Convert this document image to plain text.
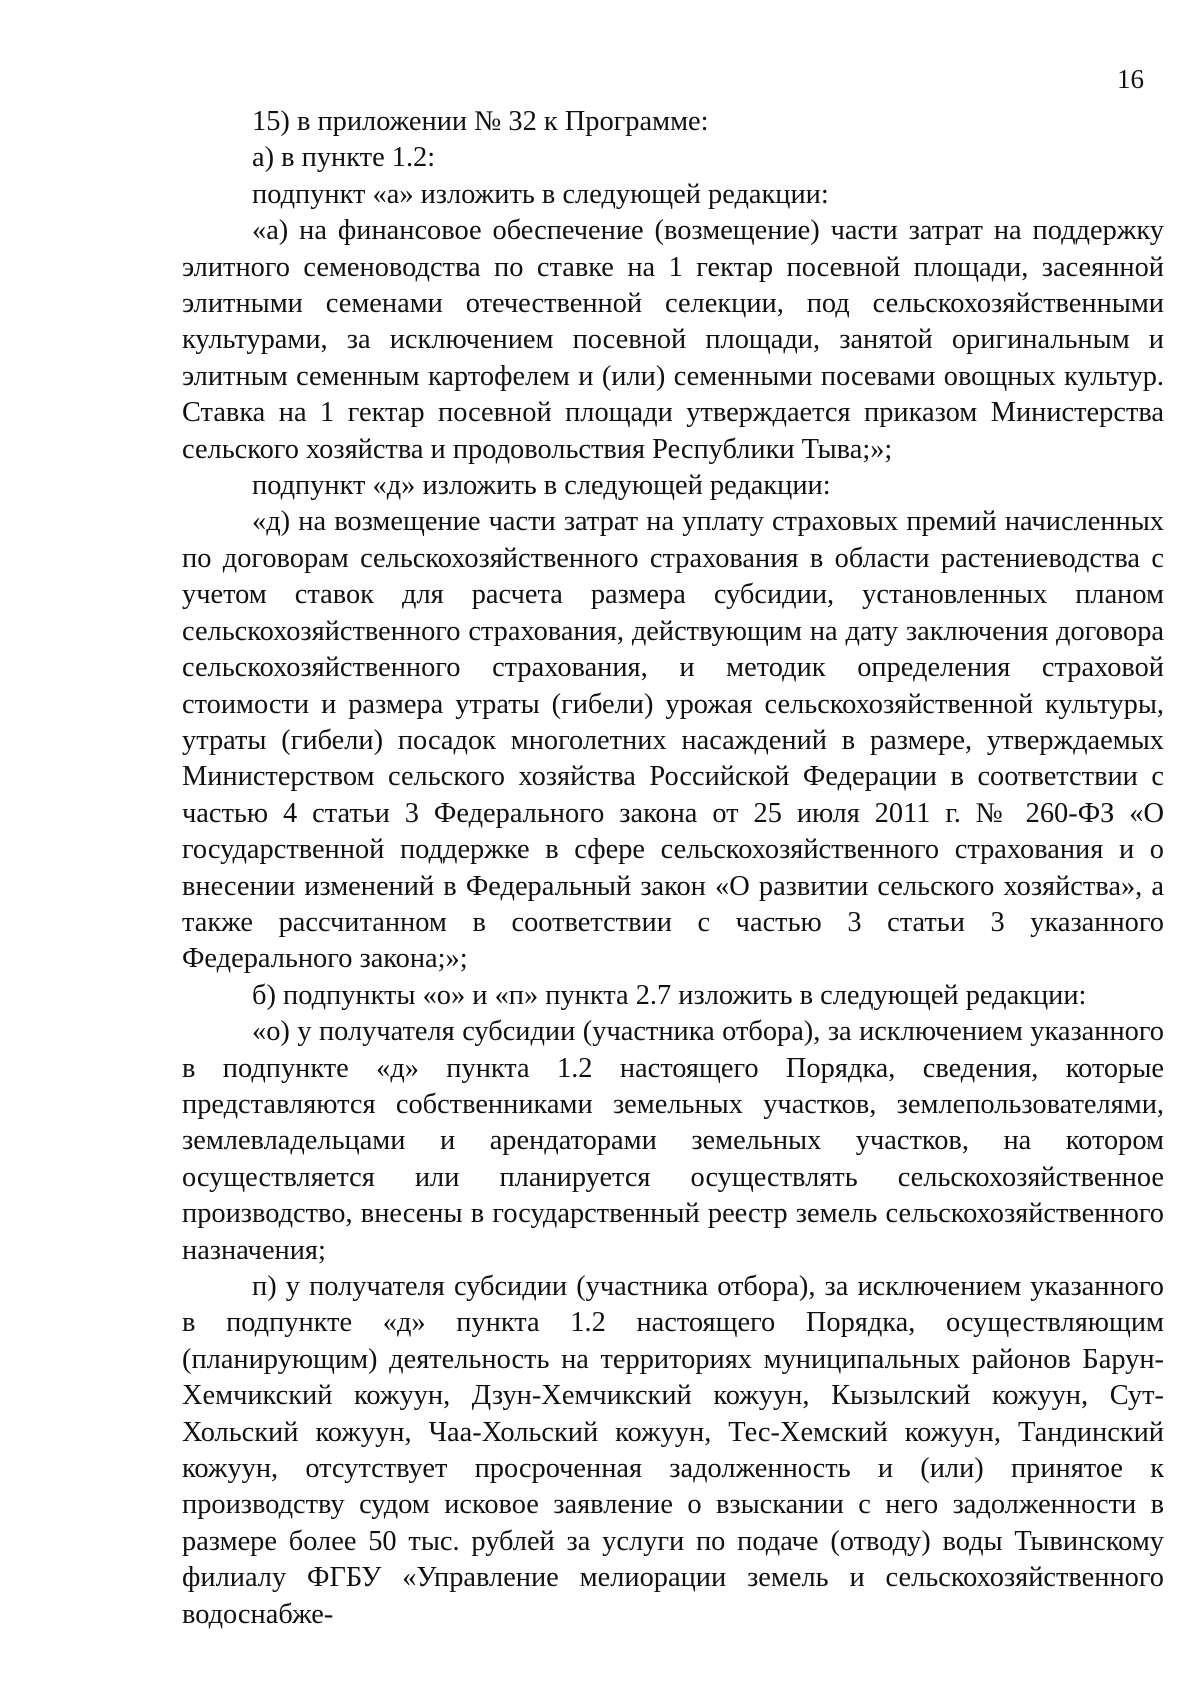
16

15) в приложении № 32 к Программе:

а) в пункте 1.2:

подпункт «а» изложить в следующей редакции:

«а) на финансовое обеспечение (возмещение) части затрат на поддержку элитного семеноводства по ставке на 1 гектар посевной площади, засеянной элитными семенами отечественной селекции, под сельскохозяйственными культурами, за исключением посевной площади, занятой оригинальным и элитным семенным картофелем и (или) семенными посевами овощных культур. Ставка на 1 гектар посевной площади утверждается приказом Министерства сельского хозяйства и продовольствия Республики Тыва;»;

подпункт «д» изложить в следующей редакции:

«д) на возмещение части затрат на уплату страховых премий начисленных по договорам сельскохозяйственного страхования в области растениеводства с учетом ставок для расчета размера субсидии, установленных планом сельскохозяйственного страхования, действующим на дату заключения договора сельскохозяйственного страхования, и методик определения страховой стоимости и размера утраты (гибели) урожая сельскохозяйственной культуры, утраты (гибели) посадок многолетних насаждений в размере, утверждаемых Министерством сельского хозяйства Российской Федерации в соответствии с частью 4 статьи 3 Федерального закона от 25 июля 2011 г. № 260-ФЗ «О государственной поддержке в сфере сельскохозяйственного страхования и о внесении изменений в Федеральный закон «О развитии сельского хозяйства», а также рассчитанном в соответствии с частью 3 статьи 3 указанного Федерального закона;»;

б) подпункты «о» и «п» пункта 2.7 изложить в следующей редакции:

«о) у получателя субсидии (участника отбора), за исключением указанного в подпункте «д» пункта 1.2 настоящего Порядка, сведения, которые представляются собственниками земельных участков, землепользователями, землевладельцами и арендаторами земельных участков, на котором осуществляется или планируется осуществлять сельскохозяйственное производство, внесены в государственный реестр земель сельскохозяйственного назначения;

п) у получателя субсидии (участника отбора), за исключением указанного в подпункте «д» пункта 1.2 настоящего Порядка, осуществляющим (планирующим) деятельность на территориях муниципальных районов Барун-Хемчикский кожуун, Дзун-Хемчикский кожуун, Кызылский кожуун, Сут-Хольский кожуун, Чаа-Хольский кожуун, Тес-Хемский кожуун, Тандинский кожуун, отсутствует просроченная задолженность и (или) принятое к производству судом исковое заявление о взыскании с него задолженности в размере более 50 тыс. рублей за услуги по подаче (отводу) воды Тывинскому филиалу ФГБУ «Управление мелиорации земель и сельскохозяйственного водоснабже-
